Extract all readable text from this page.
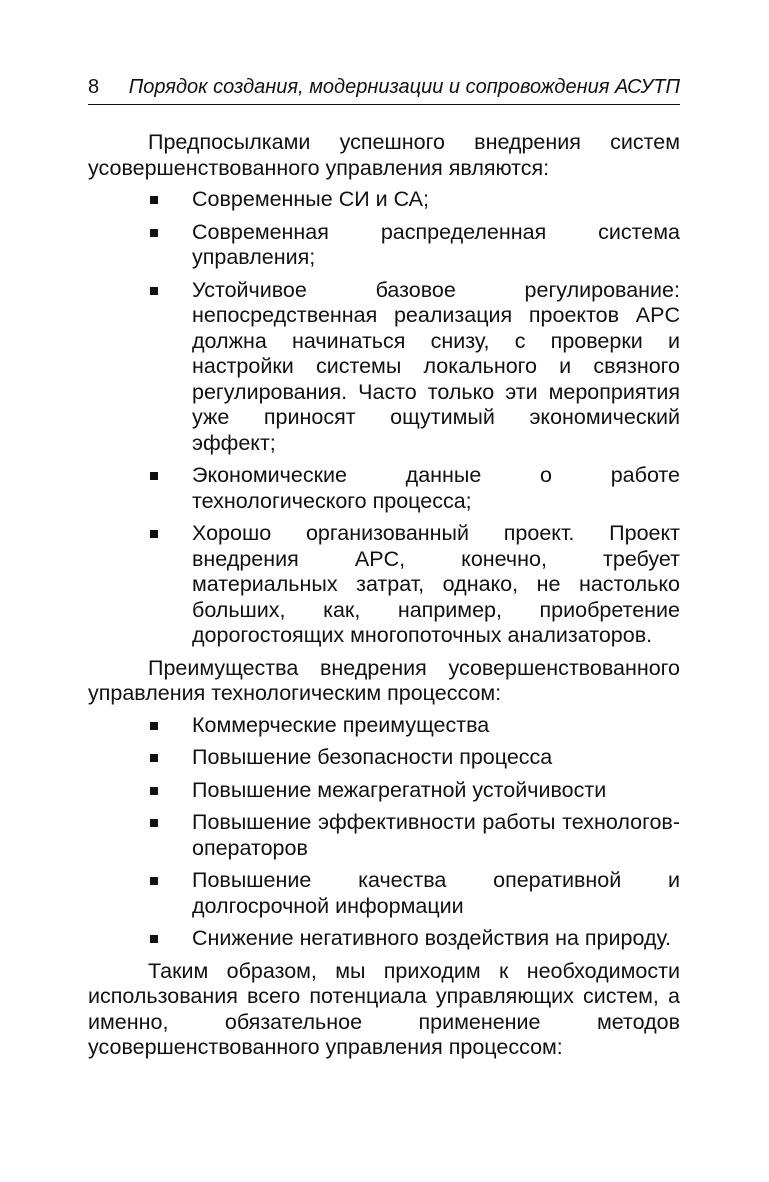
8 Порядок создания, модернизации и сопровождения АСУТП

Предпосылками успешного внедрения систем усовершенствованного управления являются:

Современные СИ и СА;
Современная распределенная система управления;
Устойчивое базовое регулирование: непосредственная реализация проектов APC должна начинаться снизу, с проверки и настройки системы локального и связного регулирования. Часто только эти мероприятия уже приносят ощутимый экономический эффект;
Экономические данные о работе технологического процесса;
Хорошо организованный проект. Проект внедрения APC, конечно, требует материальных затрат, однако, не настолько больших, как, например, приобретение дорогостоящих многопоточных анализаторов.

Преимущества внедрения усовершенствованного управления технологическим процессом:

Коммерческие преимущества
Повышение безопасности процесса
Повышение межагрегатной устойчивости
Повышение эффективности работы технологов-операторов
Повышение качества оперативной и долгосрочной информации
Снижение негативного воздействия на природу.

Таким образом, мы приходим к необходимости использования всего потенциала управляющих систем, а именно, обязательное применение методов усовершенствованного управления процессом:
